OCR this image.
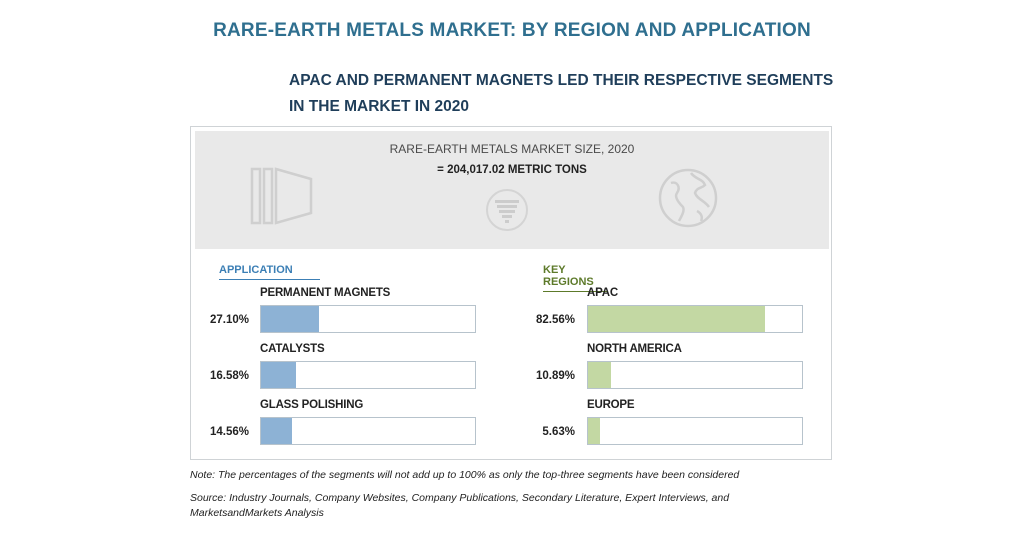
RARE-EARTH METALS MARKET: BY REGION AND APPLICATION
APAC AND PERMANENT MAGNETS LED THEIR RESPECTIVE SEGMENTS IN THE MARKET IN 2020
RARE-EARTH METALS MARKET SIZE, 2020
= 204,017.02 METRIC TONS
APPLICATION	KEY REGIONS
PERMANENT MAGNETS
27.10%
CATALYSTS
16.58%
GLASS POLISHING
14.56%
APAC
82.56%
NORTH AMERICA
10.89%
EUROPE
5.63%
Note: The percentages of the segments will not add up to 100% as only the top-three segments have been considered
Source: Industry Journals, Company Websites, Company Publications, Secondary Literature, Expert Interviews, and MarketsandMarkets Analysis
